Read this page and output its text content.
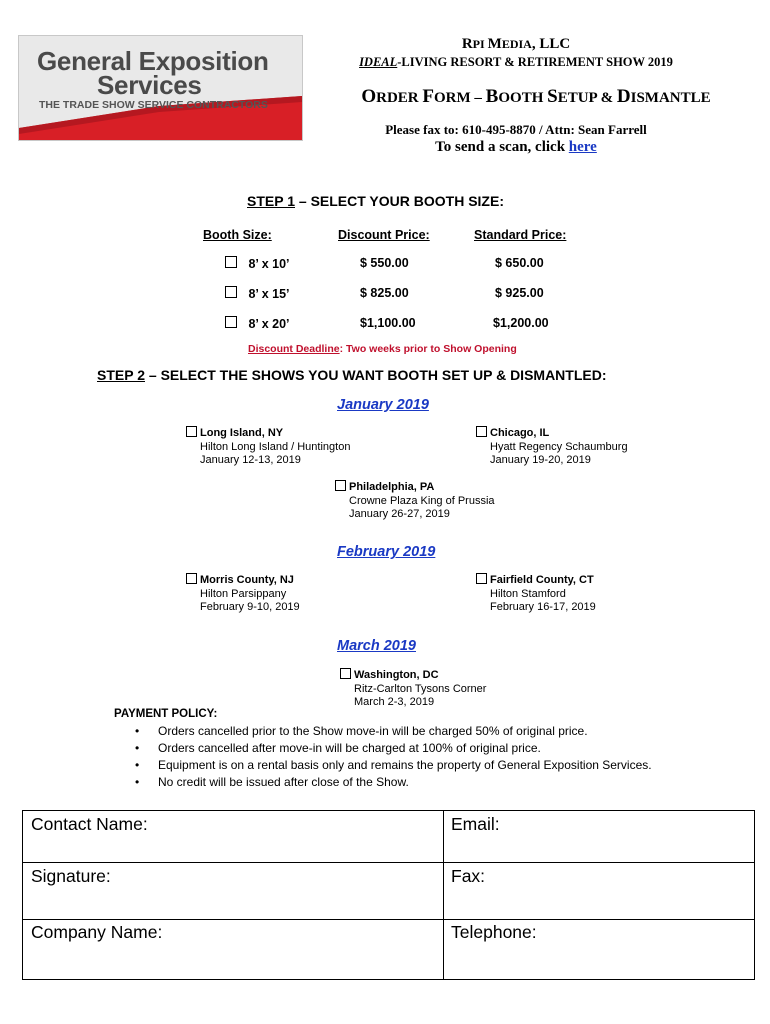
General Exposition
Services
THE TRADE SHOW SERVICE CONTRACTORS
RPI MEDIA, LLC
IDEAL-LIVING RESORT & RETIREMENT SHOW 2019
ORDER FORM – BOOTH SETUP & DISMANTLE
Please fax to: 610-495-8870 / Attn: Sean Farrell
To send a scan, click here
STEP 1 – SELECT YOUR BOOTH SIZE:
Booth Size:	Discount Price:	Standard Price:
8’ x 10’	$ 550.00	$ 650.00
8’ x 15’	$ 825.00	$ 925.00
8’ x 20’	$1,100.00	$1,200.00
Discount Deadline: Two weeks prior to Show Opening
STEP 2 – SELECT THE SHOWS YOU WANT BOOTH SET UP & DISMANTLED:
January 2019
Long Island, NY
Hilton Long Island / Huntington
January 12-13, 2019
Chicago, IL
Hyatt Regency Schaumburg
January 19-20, 2019
Philadelphia, PA
Crowne Plaza King of Prussia
January 26-27, 2019
February 2019
Morris County, NJ
Hilton Parsippany
February 9-10, 2019
Fairfield County, CT
Hilton Stamford
February 16-17, 2019
March 2019
Washington, DC
Ritz-Carlton Tysons Corner
March 2-3, 2019
PAYMENT POLICY:
• Orders cancelled prior to the Show move-in will be charged 50% of original price.
• Orders cancelled after move-in will be charged at 100% of original price.
• Equipment is on a rental basis only and remains the property of General Exposition Services.
• No credit will be issued after close of the Show.
Contact Name:	Email:
Signature:	Fax:
Company Name:	Telephone:
